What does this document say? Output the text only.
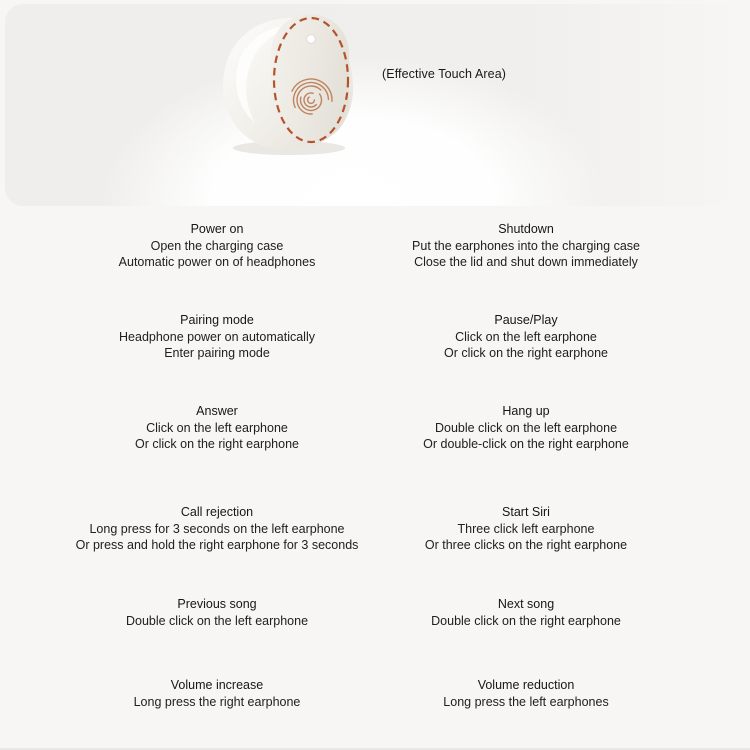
(Effective Touch Area)
Power on
Open the charging case
Automatic power on of headphones
Shutdown
Put the earphones into the charging case
Close the lid and shut down immediately
Pairing mode
Headphone power on automatically
Enter pairing mode
Pause/Play
Click on the left earphone
Or click on the right earphone
Answer
Click on the left earphone
Or click on the right earphone
Hang up
Double click on the left earphone
Or double-click on the right earphone
Call rejection
Long press for 3 seconds on the left earphone
Or press and hold the right earphone for 3 seconds
Start Siri
Three click left earphone
Or three clicks on the right earphone
Previous song
Double click on the left earphone
Next song
Double click on the right earphone
Volume increase
Long press the right earphone
Volume reduction
Long press the left earphones
